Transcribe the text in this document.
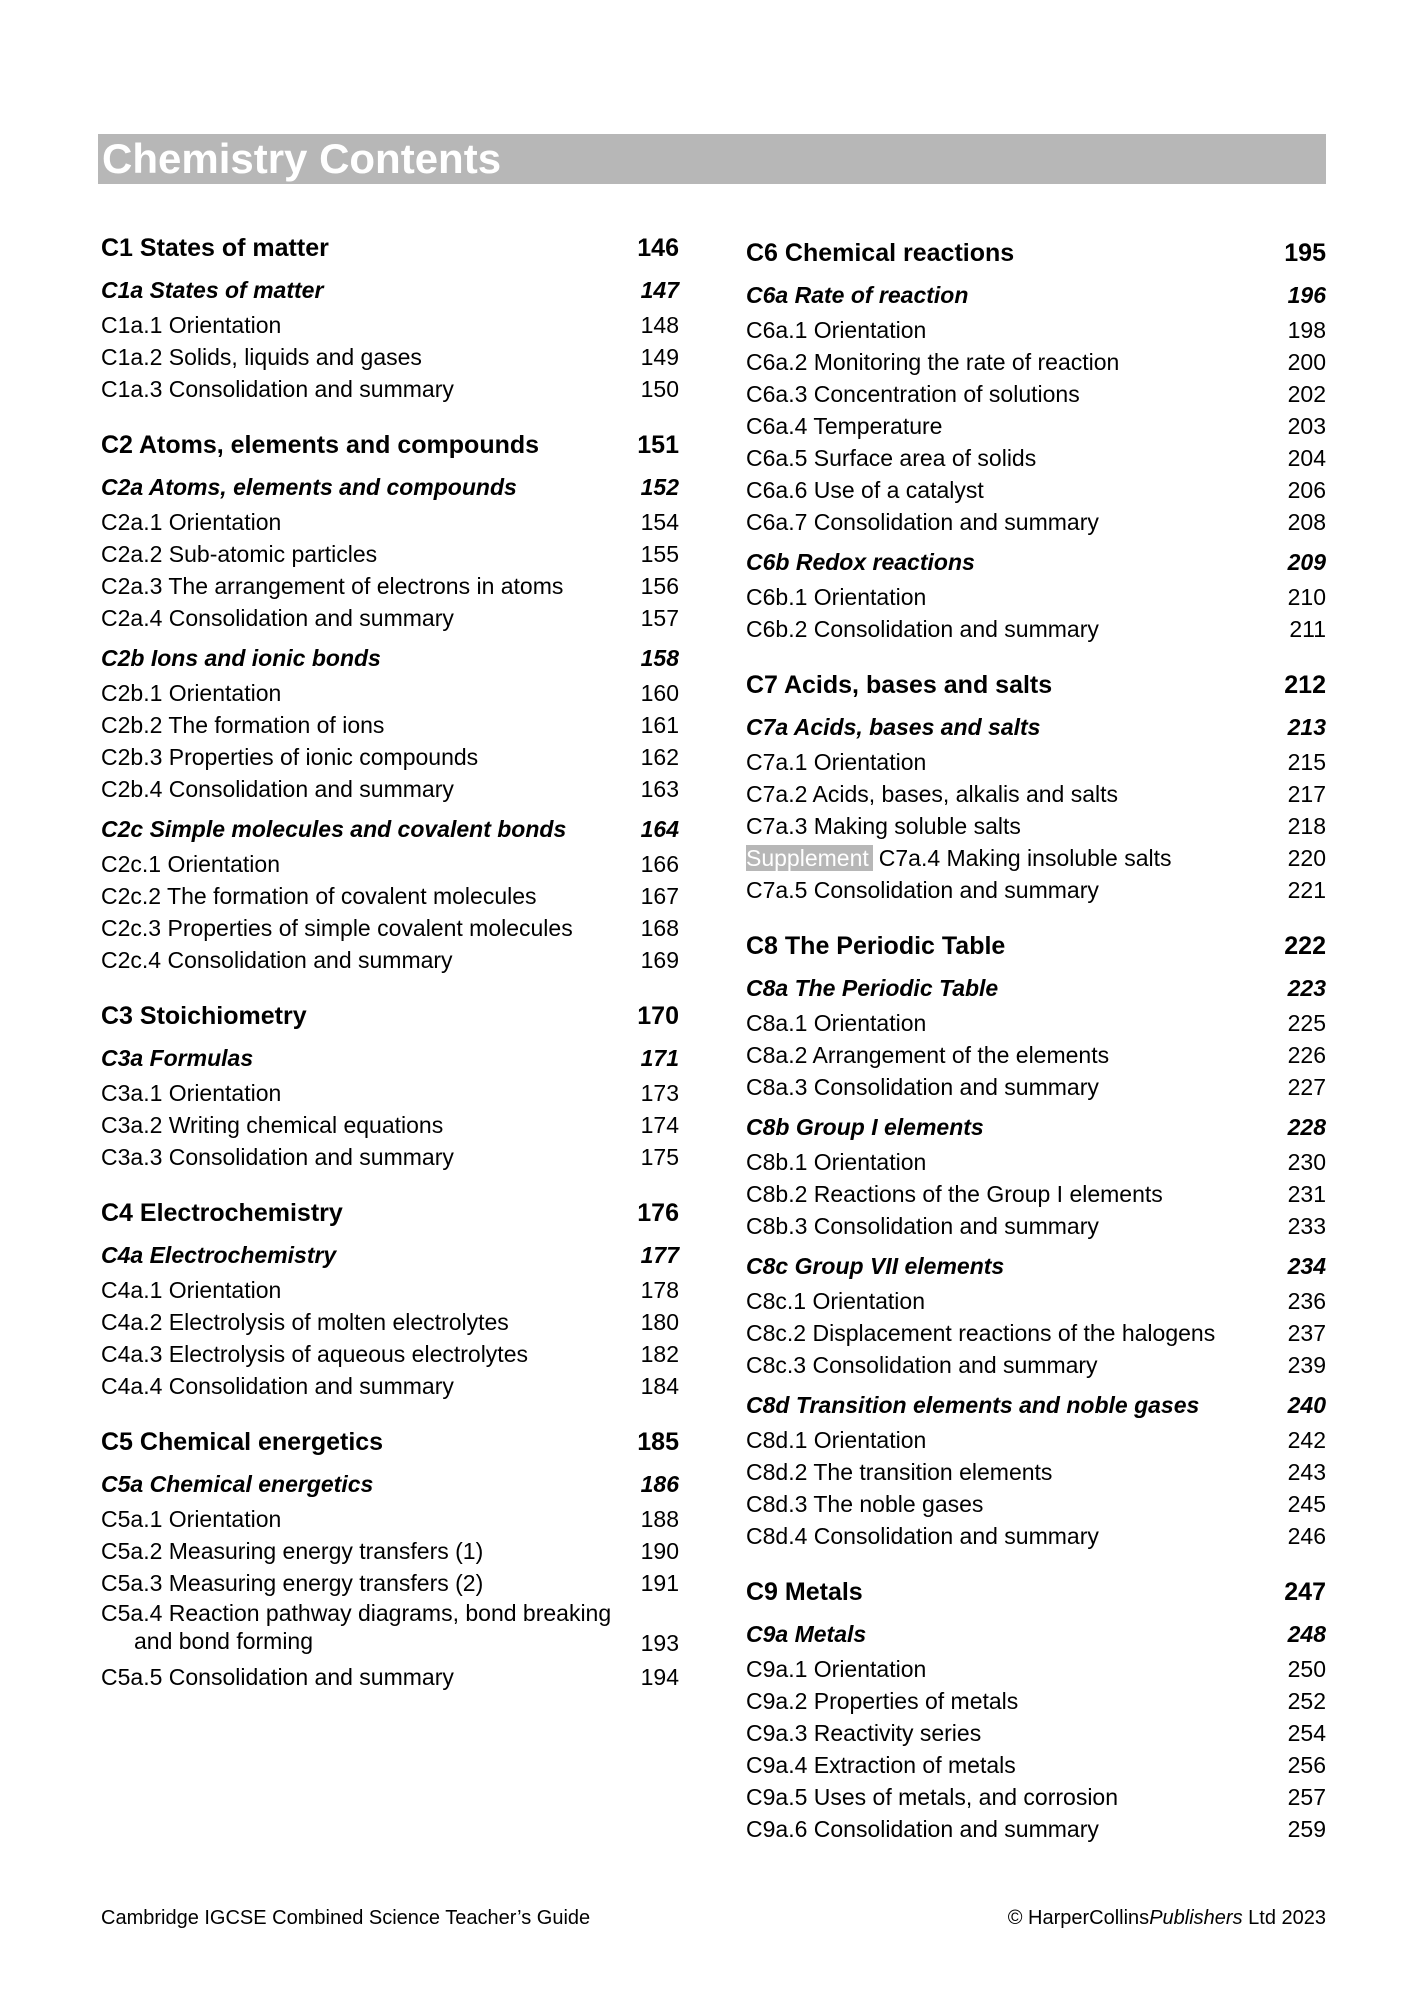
Chemistry Contents
C1 States of matter	146
C1a States of matter	147
C1a.1 Orientation	148
C1a.2 Solids, liquids and gases	149
C1a.3 Consolidation and summary	150
C2 Atoms, elements and compounds	151
C2a Atoms, elements and compounds	152
C2a.1 Orientation	154
C2a.2 Sub-atomic particles	155
C2a.3 The arrangement of electrons in atoms	156
C2a.4 Consolidation and summary	157
C2b Ions and ionic bonds	158
C2b.1 Orientation	160
C2b.2 The formation of ions	161
C2b.3 Properties of ionic compounds	162
C2b.4 Consolidation and summary	163
C2c Simple molecules and covalent bonds	164
C2c.1 Orientation	166
C2c.2 The formation of covalent molecules	167
C2c.3 Properties of simple covalent molecules	168
C2c.4 Consolidation and summary	169
C3 Stoichiometry	170
C3a Formulas	171
C3a.1 Orientation	173
C3a.2 Writing chemical equations	174
C3a.3 Consolidation and summary	175
C4 Electrochemistry	176
C4a Electrochemistry	177
C4a.1 Orientation	178
C4a.2 Electrolysis of molten electrolytes	180
C4a.3 Electrolysis of aqueous electrolytes	182
C4a.4 Consolidation and summary	184
C5 Chemical energetics	185
C5a Chemical energetics	186
C5a.1 Orientation	188
C5a.2 Measuring energy transfers (1)	190
C5a.3 Measuring energy transfers (2)	191
C5a.4 Reaction pathway diagrams, bond breaking
and bond forming	193
C5a.5 Consolidation and summary	194
C6 Chemical reactions	195
C6a Rate of reaction	196
C6a.1 Orientation	198
C6a.2 Monitoring the rate of reaction	200
C6a.3 Concentration of solutions	202
C6a.4 Temperature	203
C6a.5 Surface area of solids	204
C6a.6 Use of a catalyst	206
C6a.7 Consolidation and summary	208
C6b Redox reactions	209
C6b.1 Orientation	210
C6b.2 Consolidation and summary	211
C7 Acids, bases and salts	212
C7a Acids, bases and salts	213
C7a.1 Orientation	215
C7a.2 Acids, bases, alkalis and salts	217
C7a.3 Making soluble salts	218
Supplement C7a.4 Making insoluble salts	220
C7a.5 Consolidation and summary	221
C8 The Periodic Table	222
C8a The Periodic Table	223
C8a.1 Orientation	225
C8a.2 Arrangement of the elements	226
C8a.3 Consolidation and summary	227
C8b Group I elements	228
C8b.1 Orientation	230
C8b.2 Reactions of the Group I elements	231
C8b.3 Consolidation and summary	233
C8c Group VII elements	234
C8c.1 Orientation	236
C8c.2 Displacement reactions of the halogens	237
C8c.3 Consolidation and summary	239
C8d Transition elements and noble gases	240
C8d.1 Orientation	242
C8d.2 The transition elements	243
C8d.3 The noble gases	245
C8d.4 Consolidation and summary	246
C9 Metals	247
C9a Metals	248
C9a.1 Orientation	250
C9a.2 Properties of metals	252
C9a.3 Reactivity series	254
C9a.4 Extraction of metals	256
C9a.5 Uses of metals, and corrosion	257
C9a.6 Consolidation and summary	259
Cambridge IGCSE Combined Science Teacher’s Guide	© HarperCollinsPublishers Ltd 2023
